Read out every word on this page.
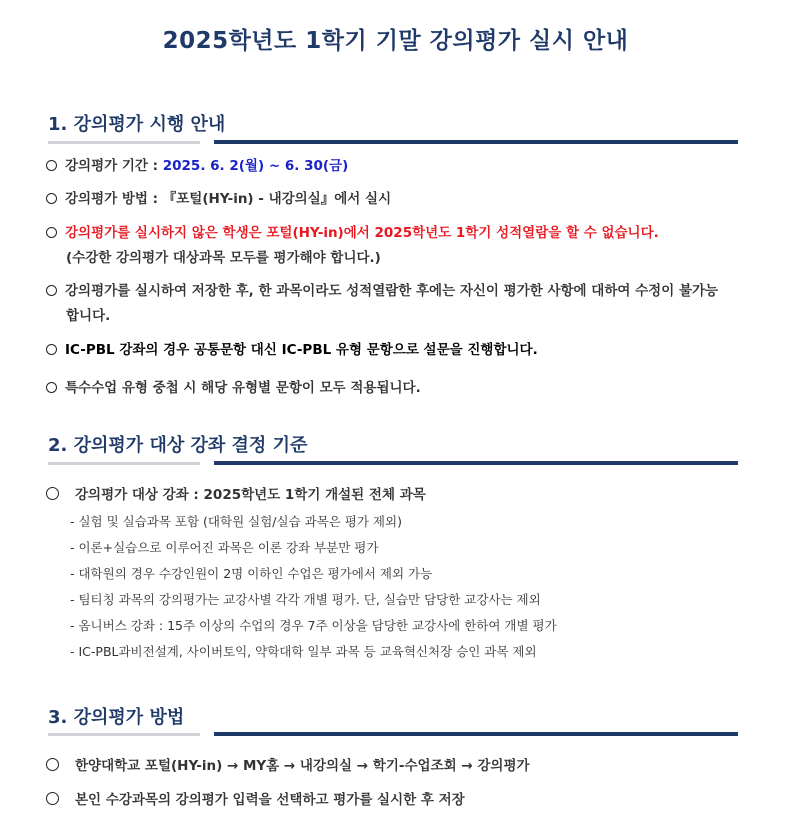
2025학년도 1학기 기말 강의평가 실시 안내
1. 강의평가 시행 안내
강의평가 기간 : 2025. 6. 2(월) ~ 6. 30(금)
강의평가 방법 : 『포털(HY-in) - 내강의실』에서 실시
강의평가를 실시하지 않은 학생은 포털(HY-in)에서 2025학년도 1학기 성적열람을 할 수 없습니다.
(수강한 강의평가 대상과목 모두를 평가해야 합니다.)
강의평가를 실시하여 저장한 후, 한 과목이라도 성적열람한 후에는 자신이 평가한 사항에 대하여 수정이 불가능
합니다.
IC-PBL 강좌의 경우 공통문항 대신 IC-PBL 유형 문항으로 설문을 진행합니다.
특수수업 유형 중첩 시 해당 유형별 문항이 모두 적용됩니다.
2. 강의평가 대상 강좌 결정 기준
강의평가 대상 강좌 : 2025학년도 1학기 개설된 전체 과목
- 실험 및 실습과목 포함 (대학원 실험/실습 과목은 평가 제외)
- 이론+실습으로 이루어진 과목은 이론 강좌 부분만 평가
- 대학원의 경우 수강인원이 2명 이하인 수업은 평가에서 제외 가능
- 팀티칭 과목의 강의평가는 교강사별 각각 개별 평가. 단, 실습만 담당한 교강사는 제외
- 옴니버스 강좌 : 15주 이상의 수업의 경우 7주 이상을 담당한 교강사에 한하여 개별 평가
- IC-PBL과비전설계, 사이버토익, 약학대학 일부 과목 등 교육혁신처장 승인 과목 제외
3. 강의평가 방법
한양대학교 포털(HY-in) → MY홈 → 내강의실 → 학기-수업조회 → 강의평가
본인 수강과목의 강의평가 입력을 선택하고 평가를 실시한 후 저장
